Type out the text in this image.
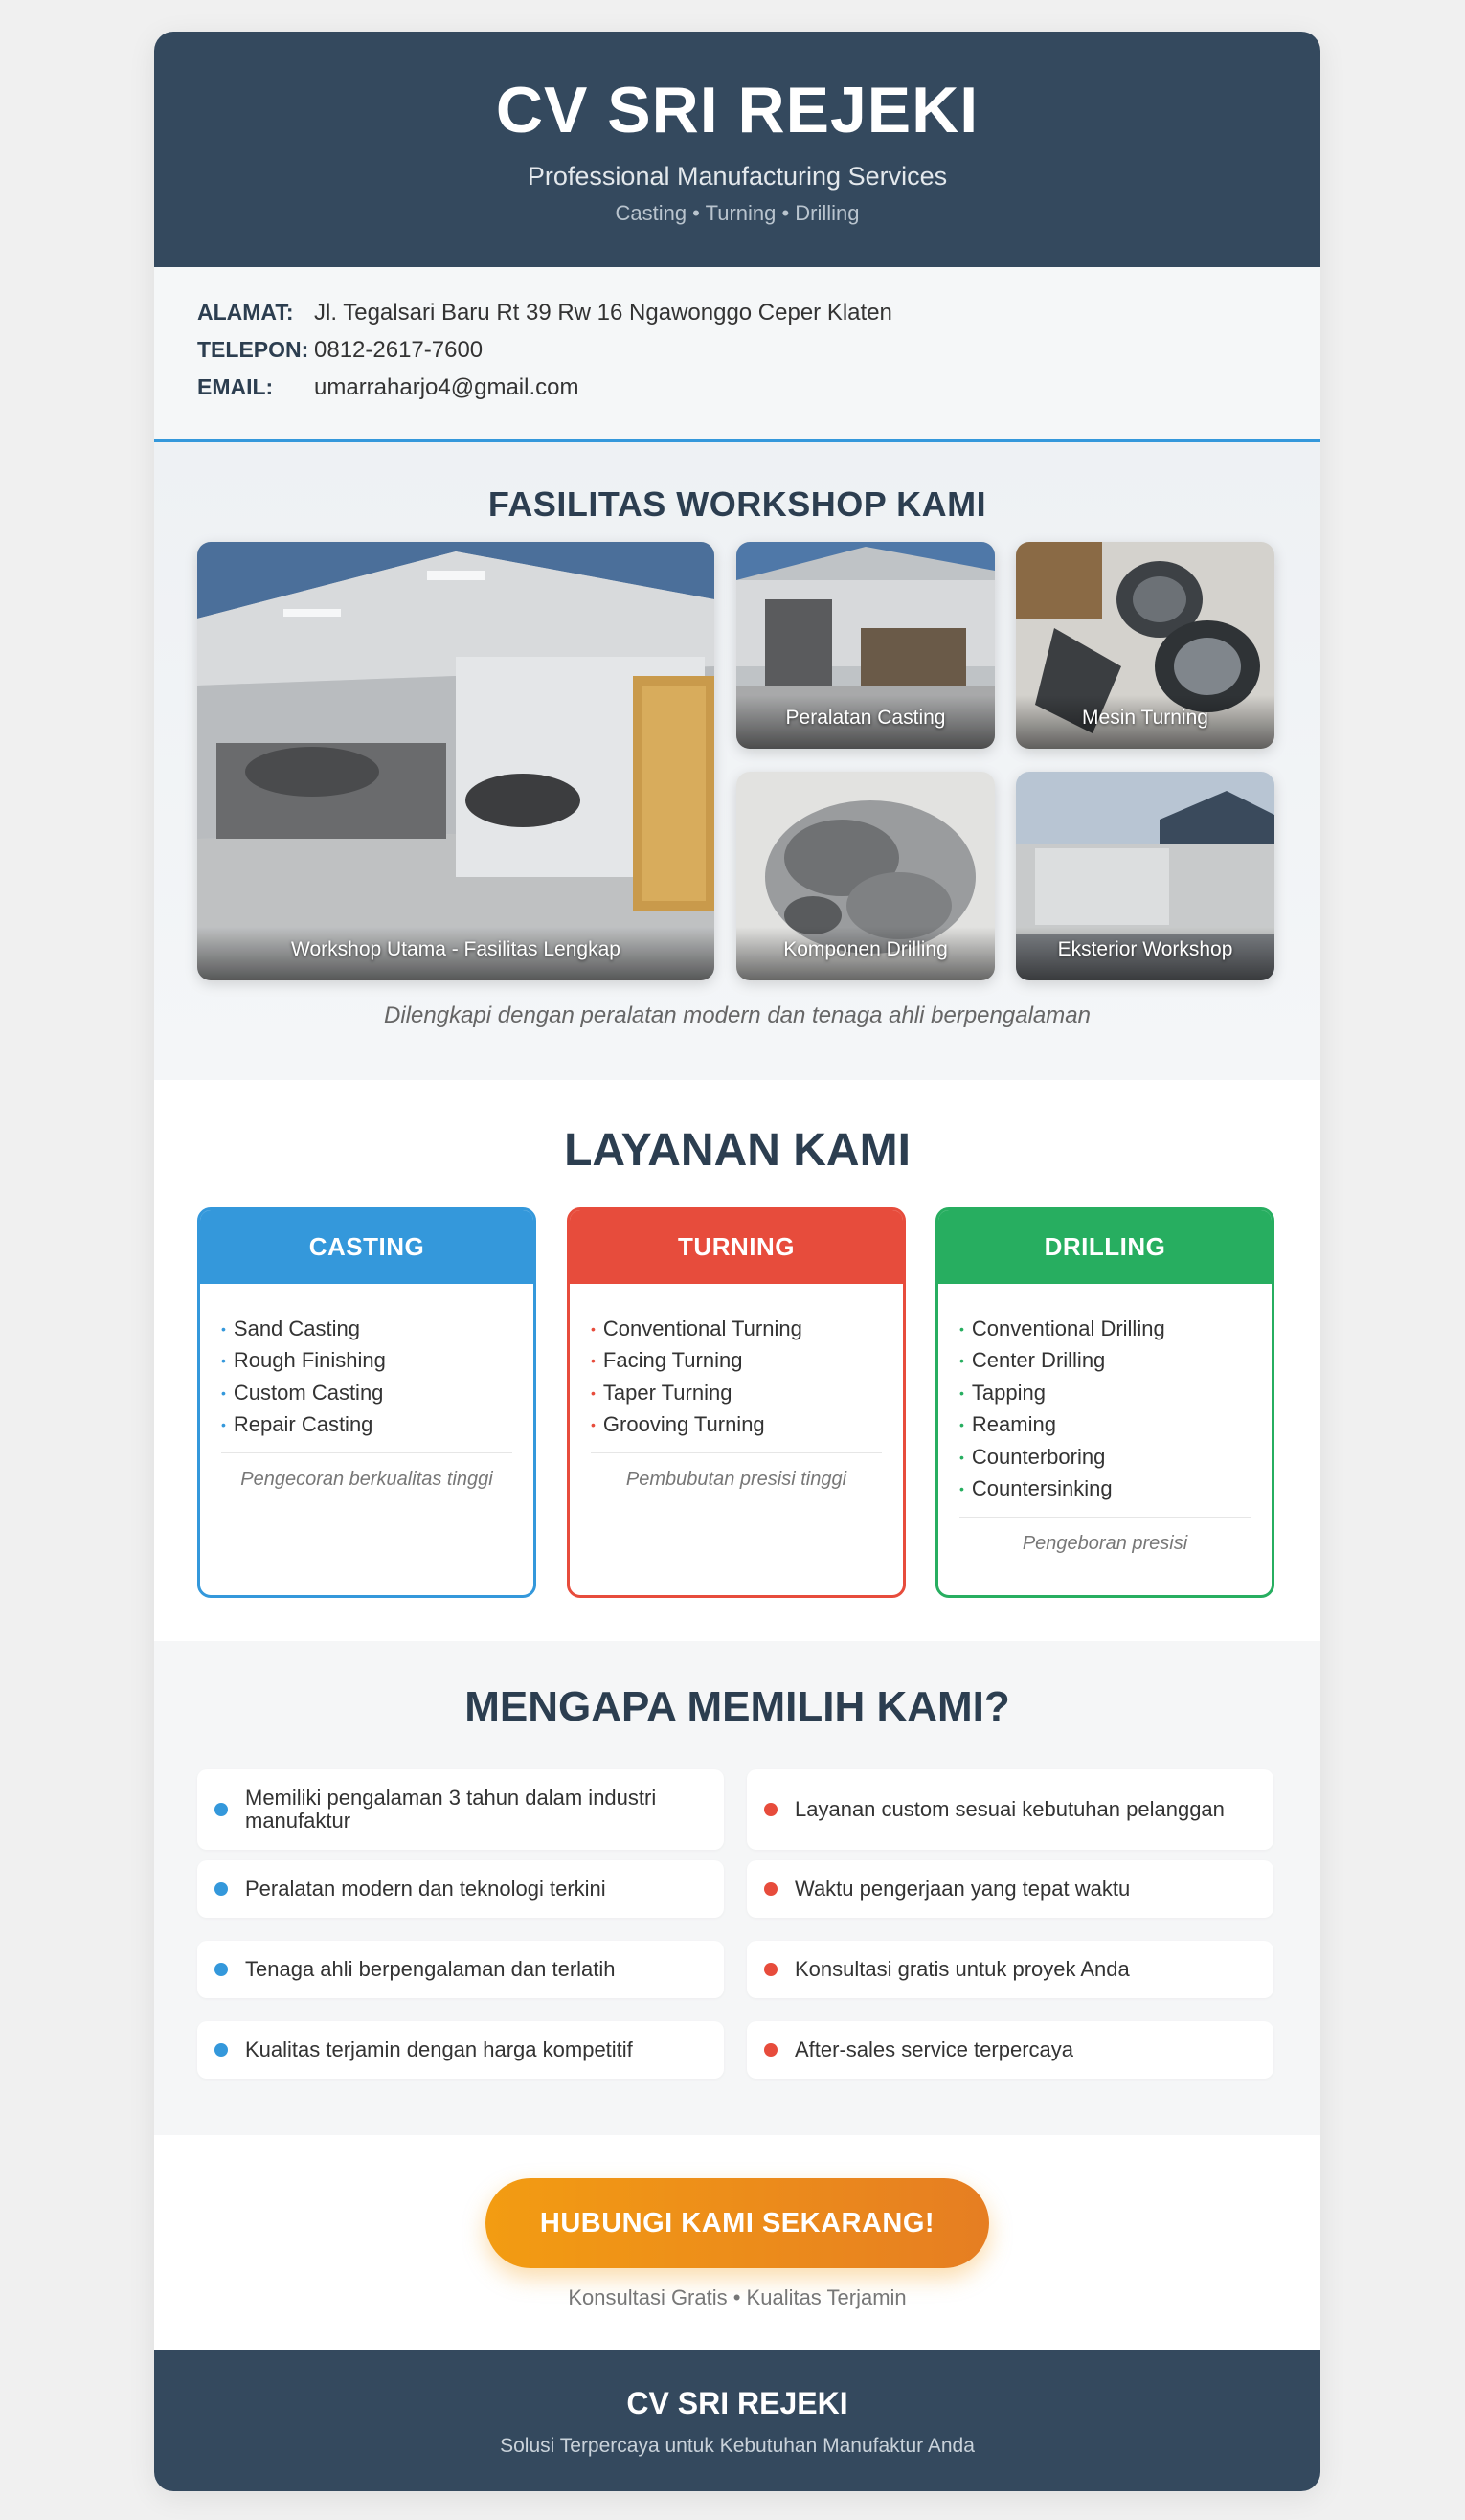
CV SRI REJEKI
Professional Manufacturing Services
Casting • Turning • Drilling
ALAMAT: Jl. Tegalsari Baru Rt 39 Rw 16 Ngawonggo Ceper Klaten
TELEPON: 0812-2617-7600
EMAIL:	umarraharjo4@gmail.com
FASILITAS WORKSHOP KAMI
Workshop Utama - Fasilitas Lengkap
Peralatan Casting	Mesin Turning
Komponen Drilling	Eksterior Workshop
Dilengkapi dengan peralatan modern dan tenaga ahli berpengalaman
LAYANAN KAMI
CASTING
• Sand Casting
• Rough Finishing
• Custom Casting
• Repair Casting
Pengecoran berkualitas tinggi
TURNING
• Conventional Turning
• Facing Turning
• Taper Turning
• Grooving Turning
Pembubutan presisi tinggi
DRILLING
• Conventional Drilling
• Center Drilling
• Tapping
• Reaming
• Counterboring
• Countersinking
Pengeboran presisi
MENGAPA MEMILIH KAMI?
Memiliki pengalaman 3 tahun dalam industri manufaktur
Peralatan modern dan teknologi terkini
Tenaga ahli berpengalaman dan terlatih
Kualitas terjamin dengan harga kompetitif
Layanan custom sesuai kebutuhan pelanggan
Waktu pengerjaan yang tepat waktu
Konsultasi gratis untuk proyek Anda
After-sales service terpercaya
HUBUNGI KAMI SEKARANG!
Konsultasi Gratis • Kualitas Terjamin
CV SRI REJEKI
Solusi Terpercaya untuk Kebutuhan Manufaktur Anda
